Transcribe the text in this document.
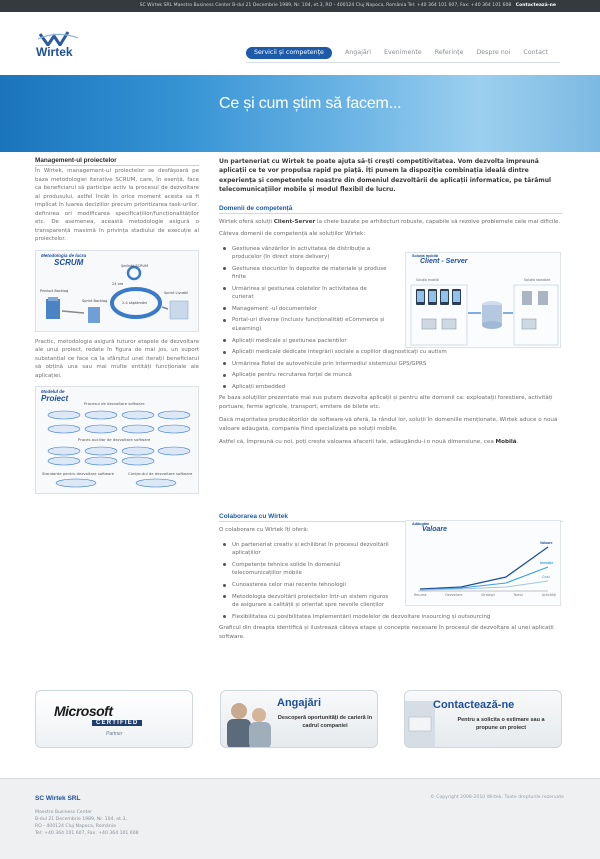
SC Wirtek SRL Maestro Business Center B-dul 21 Decembrie 1989, Nr. 104, et.3, RO - 400124 Cluj Napoca, România Tel: +40 364 101 607, Fax: +40 364 101 608 Contactează-ne
Wirtek	Servicii și competențe	Angajări Evenimente Referințe Despre noi Contact
Ce și cum știm să facem...
Management-ul proiectelor
În Wirtek, management-ul proiectelor se desfășoară pe baza metodologiei iterative SCRUM, care, în esență, face ca beneficiarul să participe activ la procesul de dezvoltare al produsului, astfel încât în orice moment acesta sa fi implicat în luarea deciziilor precum prioritizarea task-urilor, definirea ori modificarea specificațiilor/funcționalităților etc. De asemenea, această metodologie asigură o transparență maximă în privința stadiului de execuție al proiectelor.
Metodologia de lucru
SCRUM	Ședință SCRUM
24 ore
Product Backlog
Sprint Backlog	2-4 săptămâni
Sprint Livrabil
Practic, metodologia asigură tuturor etapele de dezvoltare ale unui proiect, redate în figura de mai jos, un suport substanțial ce face ca la sfârșitul unei iterații beneficiarul să obțină una sau mai multe entități funcționale ale aplicației.
Modelul de
Proiect
Procesul de dezvoltare software
Proces auxiliar de dezvoltare software
Standarde pentru dezvoltare software	Conținutul de dezvoltare software
Un parteneriat cu Wirtek te poate ajuta să-ți crești competitivitatea. Vom dezvolta împreună aplicații ce te vor propulsa rapid pe piață. Îți punem la dispoziție combinația ideală dintre experiența și competențele noastre din domeniul dezvoltării de aplicații informatice, pe tărâmul telecomunicațiilor mobile și modul flexibil de lucru.
Domenii de competență
Wirtek oferă soluții Client-Server la cheie bazate pe arhitecturi robuste, capabile să rezolve problemele cele mai dificile.
Câteva domenii de competență ale soluțiilor Wirtek:
Gestiunea vânzărilor în activitatea de distribuție a producelor (în direct store delivery)
Gestiunea stocurilor în depozite de materiale și produse finite
Urmărirea și gestiunea coletelor în activitatea de curierat
Management -ul documentelor
Portal-uri diverse (inclusiv funcționalități eCommerce și eLearning)
Aplicații medicale și gestiunea pacienților
Aplicații medicale dedicate integrării sociale a copiilor diagnosticați cu autism
Urmărirea flotei de autovehicule prin intermediul sistemului GPS/GPRS
Aplicație pentru recrutarea forței de muncă
Aplicații embedded
Pe baza soluțiilor prezentate mai sus putem dezvolta aplicații și pentru alte domenii ca: exploatații forestiere, activități portuare, ferme agricole, transport, emitere de bilete etc.
Dacă majoritatea producătorilor de software-vă oferă, la rândul lor, soluții în domeniile menționate, Wirtek aduce o nouă valoare adăugată, compania fiind specializată pe soluții mobile.
Astfel că, împreună cu noi, poți crește valoarea afacerii tale, adăugându-i o nouă dimensiune, cea Mobilă.
Soluția mobilă
Client - Server
Soluția mobilă	Soluția standard
Colaborarea cu Wirtek
O colaborare cu Wirtek îți oferă:
Un parteneriat creativ și echilibrat în procesul dezvoltării aplicațiilor
Competențe tehnice solide în domeniul telecomunicațiilor mobile
Cunoașterea celor mai recente tehnologii
Metodologia dezvoltării proiectelor într-un sistem riguros de asigurare a calității și orientat spre nevoile clienților
Flexibilitatea cu posibilitatea implementării modelelor de dezvoltare insourcing și outsourcing
Graficul din dreapta identifică și ilustrează câteva etape și concepte necesare în procesul de dezvoltare al unei aplicații software.
Adăugăm
Valoare
Valoare
Inovație
Cost
Resurse	Dezvoltare	Strategii	Tactici	Activități
Microsoft
CERTIFIED
Partner
Angajări
Descoperă oportunități de carieră în cadrul companiei
Contactează-ne
Pentru a solicita o estimare sau a propune un proiect
SC Wirtek SRL
Maestro Business Center
B-dul 21 Decembrie 1989, Nr. 104, et.3,
RO - 400124 Cluj Napoca, România
Tel: +40 364 101 607, Fax: +40 364 101 608
© Copyright 2008-2010 Wirtek. Toate drepturile rezervate
